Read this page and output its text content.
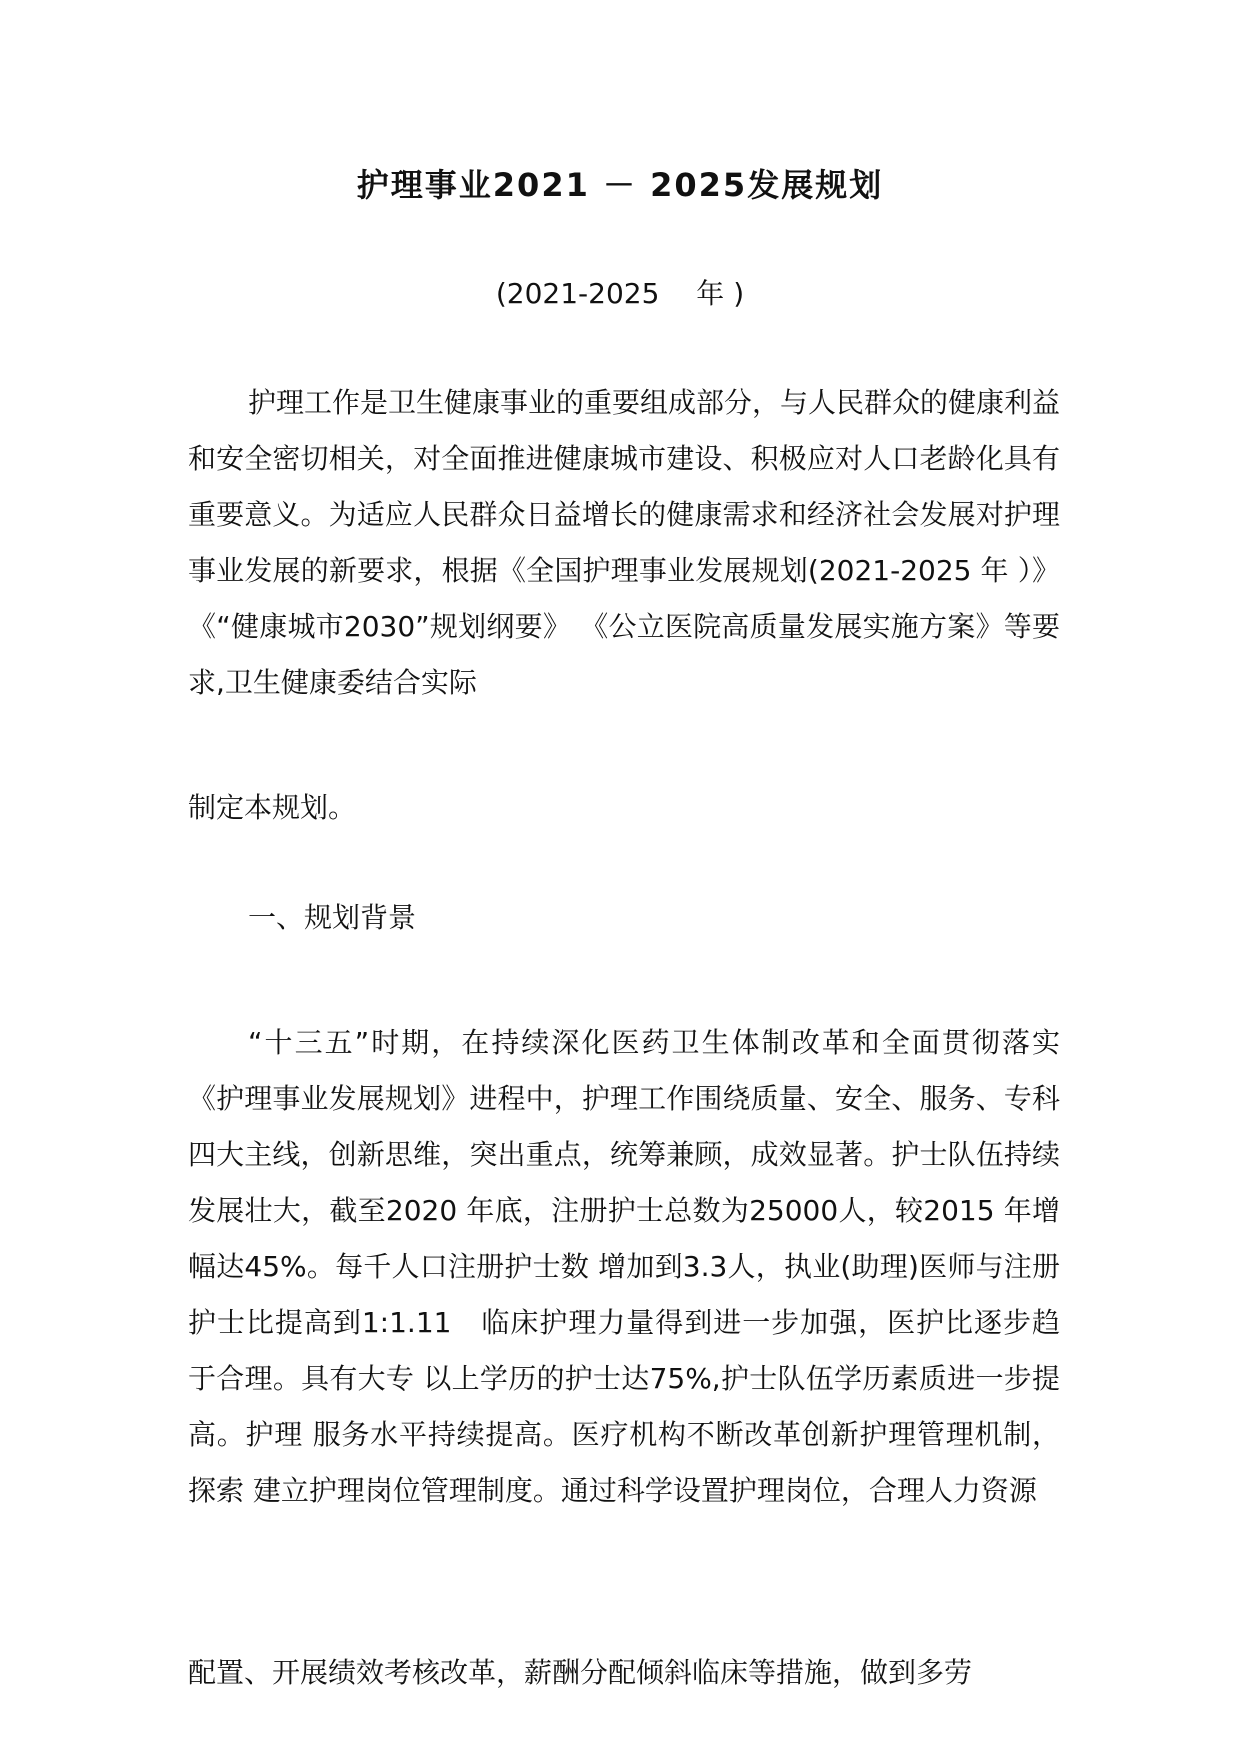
护理事业2021 － 2025发展规划

(2021-2025　 年 )

护理工作是卫生健康事业的重要组成部分，与人民群众的健康利益和安全密切相关，对全面推进健康城市建设、积极应对人口老龄化具有重要意义。为适应人民群众日益增长的健康需求和经济社会发展对护理事业发展的新要求，根据《全国护理事业发展规划(2021-2025 年 ）》 《“健康城市2030”规划纲要》 《公立医院高质量发展实施方案》等要求,卫生健康委结合实际

制定本规划。

一、规划背景

“十三五”时期，在持续深化医药卫生体制改革和全面贯彻落实《护理事业发展规划》进程中，护理工作围绕质量、安全、服务、专科四大主线，创新思维，突出重点，统筹兼顾，成效显著。护士队伍持续发展壮大，截至2020 年底，注册护士总数为25000人，较2015 年增幅达45%。每千人口注册护士数 增加到3.3人，执业(助理)医师与注册护士比提高到1:1.11　临床护理力量得到进一步加强，医护比逐步趋于合理。具有大专 以上学历的护士达75%,护士队伍学历素质进一步提高。护理 服务水平持续提高。医疗机构不断改革创新护理管理机制，探索 建立护理岗位管理制度。通过科学设置护理岗位，合理人力资源

配置、开展绩效考核改革，薪酬分配倾斜临床等措施，做到多劳
